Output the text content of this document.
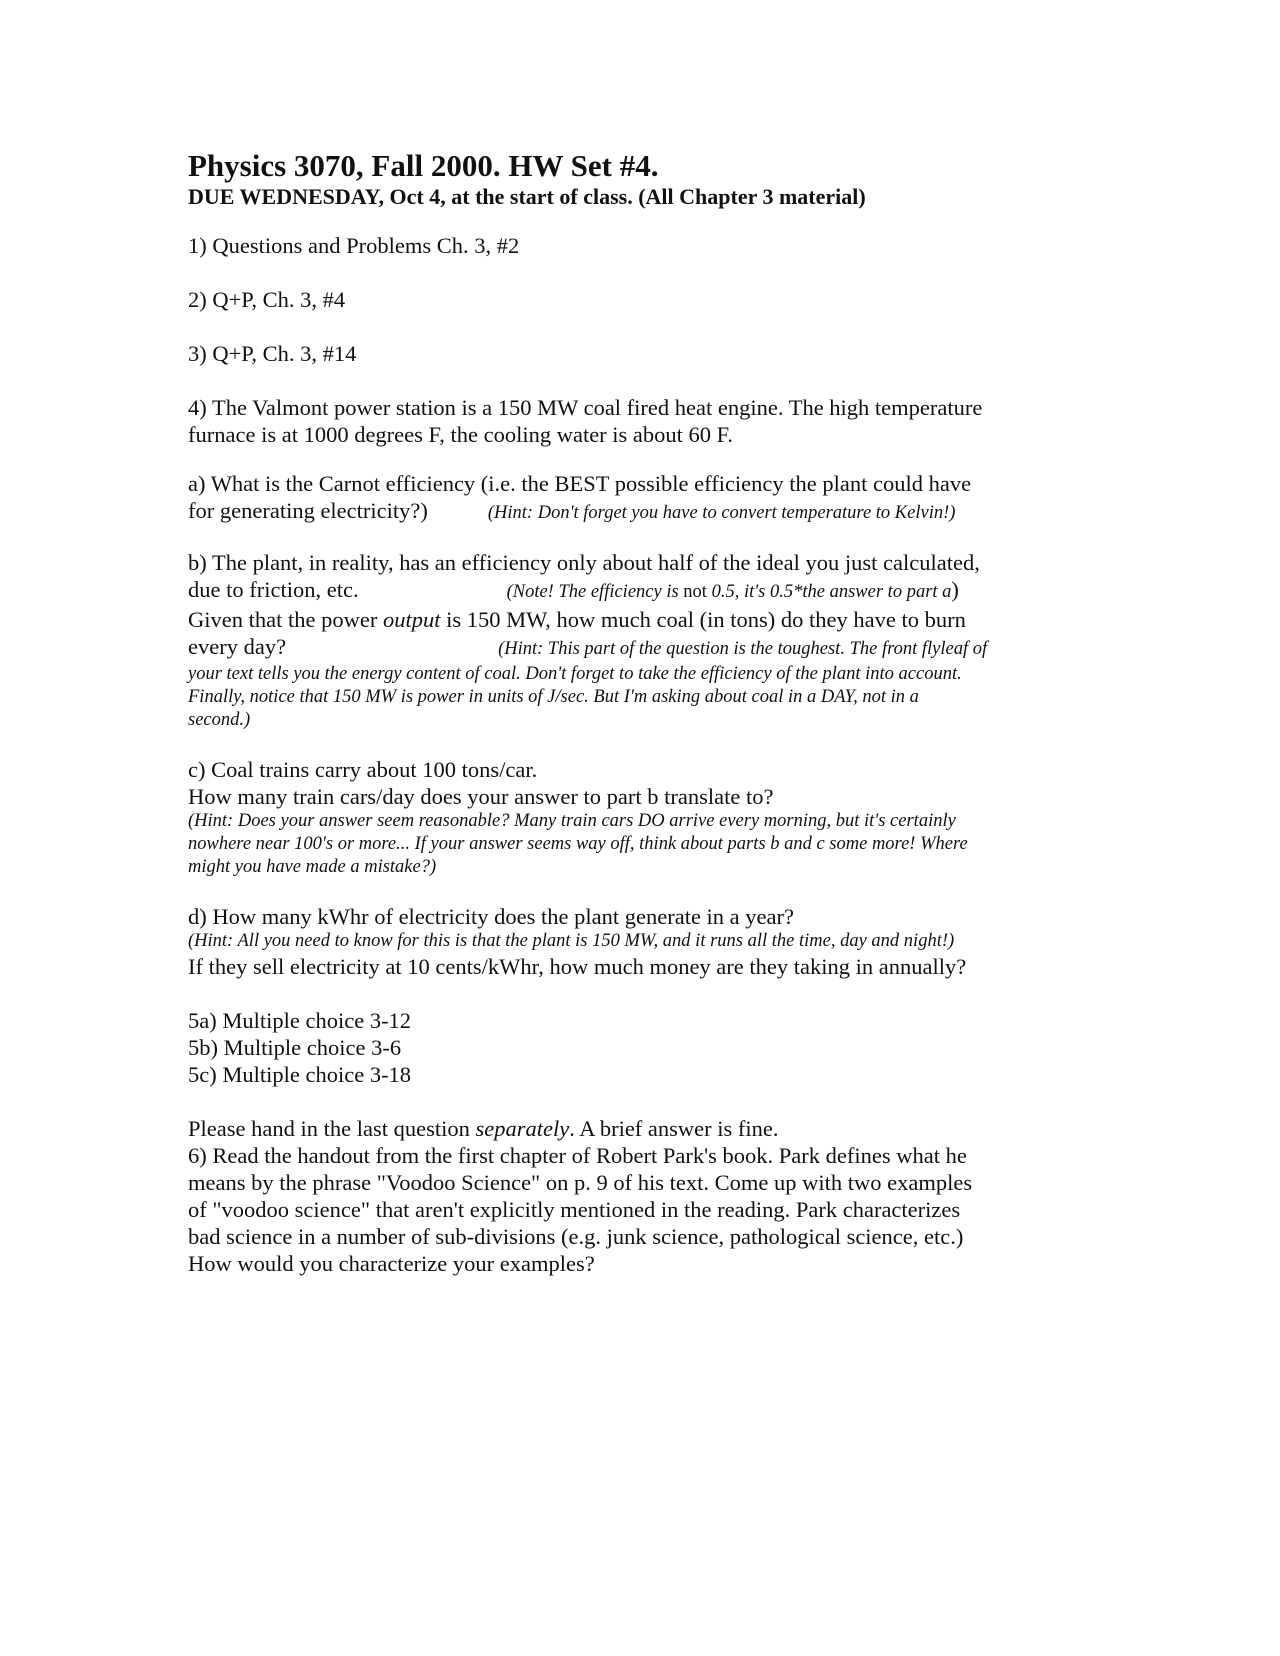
Physics 3070, Fall 2000. HW Set #4.

DUE WEDNESDAY, Oct 4, at the start of class. (All Chapter 3 material)

1) Questions and Problems Ch. 3, #2

2) Q+P, Ch. 3, #4

3) Q+P, Ch. 3, #14

4) The Valmont power station is a 150 MW coal fired heat engine. The high temperature

furnace is at 1000 degrees F, the cooling water is about 60 F.

a) What is the Carnot efficiency (i.e. the BEST possible efficiency the plant could have

for generating electricity?)	(Hint: Don't forget you have to convert temperature to Kelvin!)

b) The plant, in reality, has an efficiency only about half of the ideal you just calculated,

due to friction, etc.	(Note! The efficiency is not 0.5, it's 0.5*the answer to part a)

Given that the power output is 150 MW, how much coal (in tons) do they have to burn

every day?	(Hint: This part of the question is the toughest. The front flyleaf of

your text tells you the energy content of coal. Don't forget to take the efficiency of the plant into account.

Finally, notice that 150 MW is power in units of J/sec. But I'm asking about coal in a DAY, not in a

second.)

c) Coal trains carry about 100 tons/car.

How many train cars/day does your answer to part b translate to?

(Hint: Does your answer seem reasonable? Many train cars DO arrive every morning, but it's certainly

nowhere near 100's or more... If your answer seems way off, think about parts b and c some more! Where

might you have made a mistake?)

d) How many kWhr of electricity does the plant generate in a year?

(Hint: All you need to know for this is that the plant is 150 MW, and it runs all the time, day and night!)

If they sell electricity at 10 cents/kWhr, how much money are they taking in annually?

5a) Multiple choice 3-12

5b) Multiple choice 3-6

5c) Multiple choice 3-18

Please hand in the last question separately. A brief answer is fine.

6) Read the handout from the first chapter of Robert Park's book. Park defines what he

means by the phrase "Voodoo Science" on p. 9 of his text. Come up with two examples

of "voodoo science" that aren't explicitly mentioned in the reading. Park characterizes

bad science in a number of sub-divisions (e.g. junk science, pathological science, etc.)

How would you characterize your examples?
